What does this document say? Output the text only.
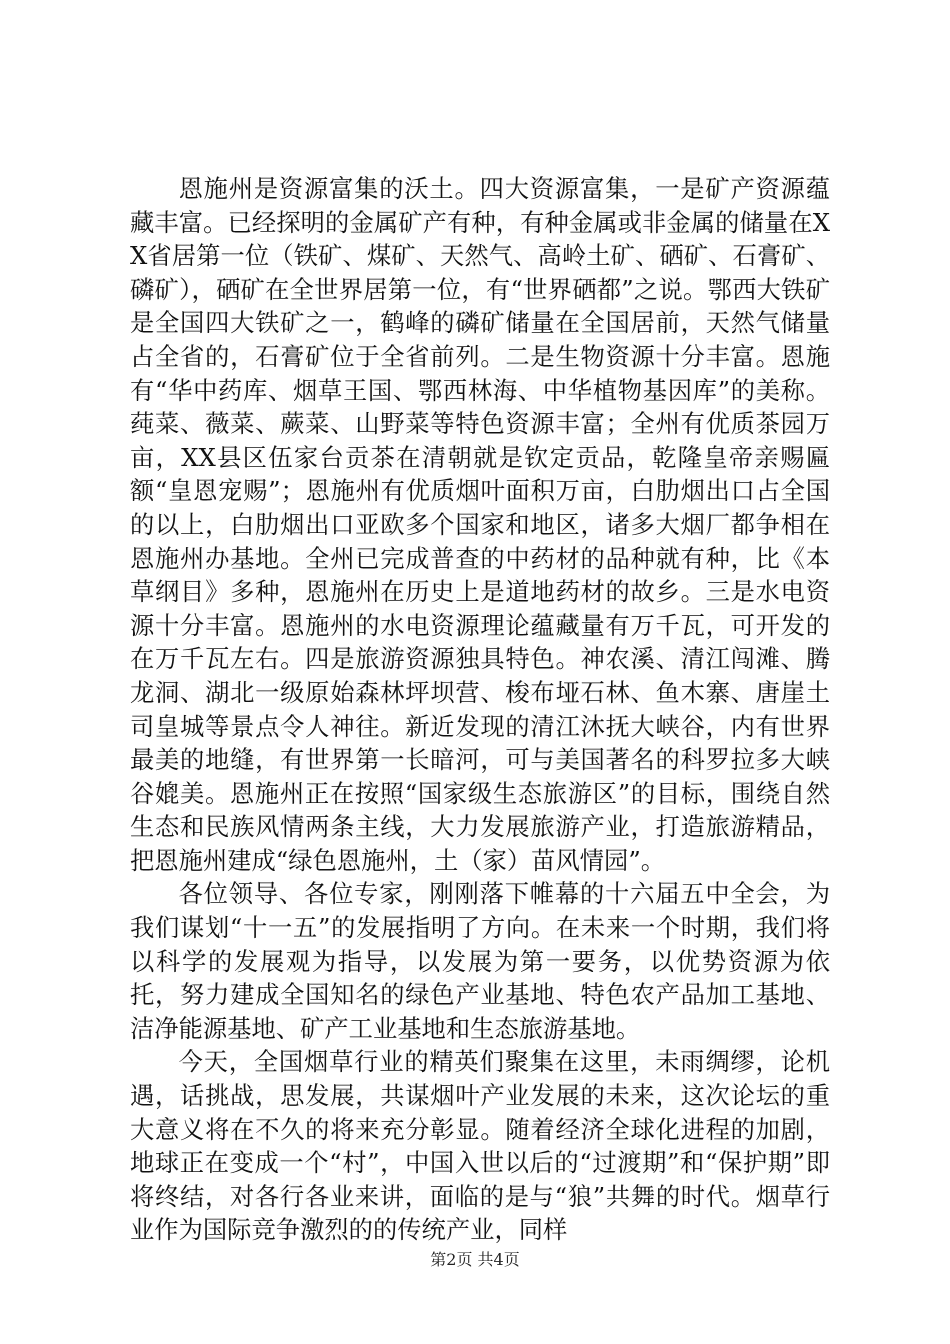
恩施州是资源富集的沃土。四大资源富集，一是矿产资源蕴藏丰富。已经探明的金属矿产有种，有种金属或非金属的储量在XX省居第一位（铁矿、煤矿、天然气、高岭土矿、硒矿、石膏矿、磷矿），硒矿在全世界居第一位，有“世界硒都”之说。鄂西大铁矿是全国四大铁矿之一，鹤峰的磷矿储量在全国居前，天然气储量占全省的，石膏矿位于全省前列。二是生物资源十分丰富。恩施有“华中药库、烟草王国、鄂西林海、中华植物基因库”的美称。莼菜、薇菜、蕨菜、山野菜等特色资源丰富；全州有优质茶园万亩，XX县区伍家台贡茶在清朝就是钦定贡品，乾隆皇帝亲赐匾额“皇恩宠赐”；恩施州有优质烟叶面积万亩，白肋烟出口占全国的以上，白肋烟出口亚欧多个国家和地区，诸多大烟厂都争相在恩施州办基地。全州已完成普查的中药材的品种就有种，比《本草纲目》多种，恩施州在历史上是道地药材的故乡。三是水电资源十分丰富。恩施州的水电资源理论蕴藏量有万千瓦，可开发的在万千瓦左右。四是旅游资源独具特色。神农溪、清江闯滩、腾龙洞、湖北一级原始森林坪坝营、梭布垭石林、鱼木寨、唐崖土司皇城等景点令人神往。新近发现的清江沐抚大峡谷，内有世界最美的地缝，有世界第一长暗河，可与美国著名的科罗拉多大峡谷媲美。恩施州正在按照“国家级生态旅游区”的目标，围绕自然生态和民族风情两条主线，大力发展旅游产业，打造旅游精品，把恩施州建成“绿色恩施州，土（家）苗风情园”。

各位领导、各位专家，刚刚落下帷幕的十六届五中全会，为我们谋划“十一五”的发展指明了方向。在未来一个时期，我们将以科学的发展观为指导，以发展为第一要务，以优势资源为依托，努力建成全国知名的绿色产业基地、特色农产品加工基地、洁净能源基地、矿产工业基地和生态旅游基地。

今天，全国烟草行业的精英们聚集在这里，未雨绸缪，论机遇，话挑战，思发展，共谋烟叶产业发展的未来，这次论坛的重大意义将在不久的将来充分彰显。随着经济全球化进程的加剧，地球正在变成一个“村”，中国入世以后的“过渡期”和“保护期”即将终结，对各行各业来讲，面临的是与“狼”共舞的时代。烟草行业作为国际竞争激烈的的传统产业，同样

第2页 共4页
